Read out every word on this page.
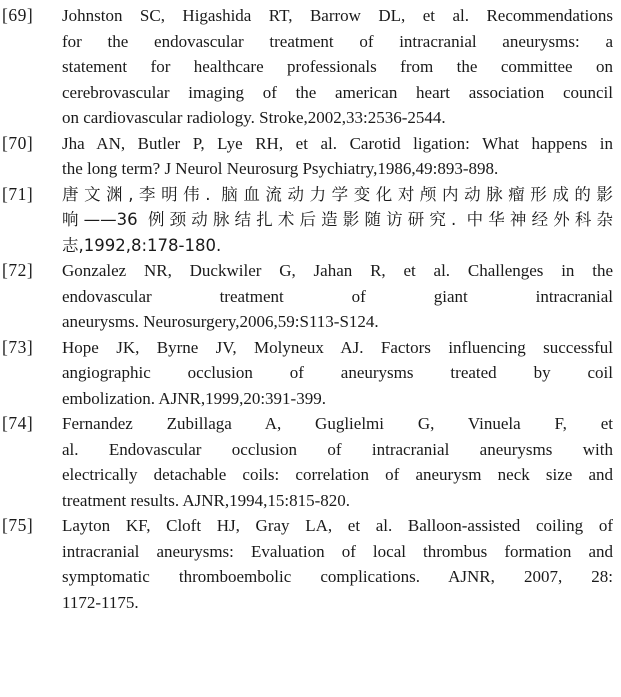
[69]	Johnston SC, Higashida RT, Barrow DL, et al. Recommendations
for the endovascular treatment of intracranial aneurysms: a
statement for healthcare professionals from the committee on
cerebrovascular imaging of the american heart association council
on cardiovascular radiology. Stroke,2002,33:2536-2544.
[70]	Jha AN, Butler P, Lye RH, et al. Carotid ligation: What happens in
the long term? J Neurol Neurosurg Psychiatry,1986,49:893-898.
[71]	唐文渊,李明伟. 脑血流动力学变化对颅内动脉瘤形成的影
响——36 例颈动脉结扎术后造影随访研究. 中华神经外科杂
志,1992,8:178-180.
[72]	Gonzalez NR, Duckwiler G, Jahan R, et al. Challenges in the
endovascular treatment of giant intracranial
aneurysms. Neurosurgery,2006,59:S113-S124.
[73]	Hope JK, Byrne JV, Molyneux AJ. Factors influencing successful
angiographic occlusion of aneurysms treated by coil
embolization. AJNR,1999,20:391-399.
[74]	Fernandez Zubillaga A, Guglielmi G, Vinuela F, et
al. Endovascular occlusion of intracranial aneurysms with
electrically detachable coils: correlation of aneurysm neck size and
treatment results. AJNR,1994,15:815-820.
[75]	Layton KF, Cloft HJ, Gray LA, et al. Balloon-assisted coiling of
intracranial aneurysms: Evaluation of local thrombus formation and
symptomatic thromboembolic complications. AJNR, 2007, 28:
1172-1175.
